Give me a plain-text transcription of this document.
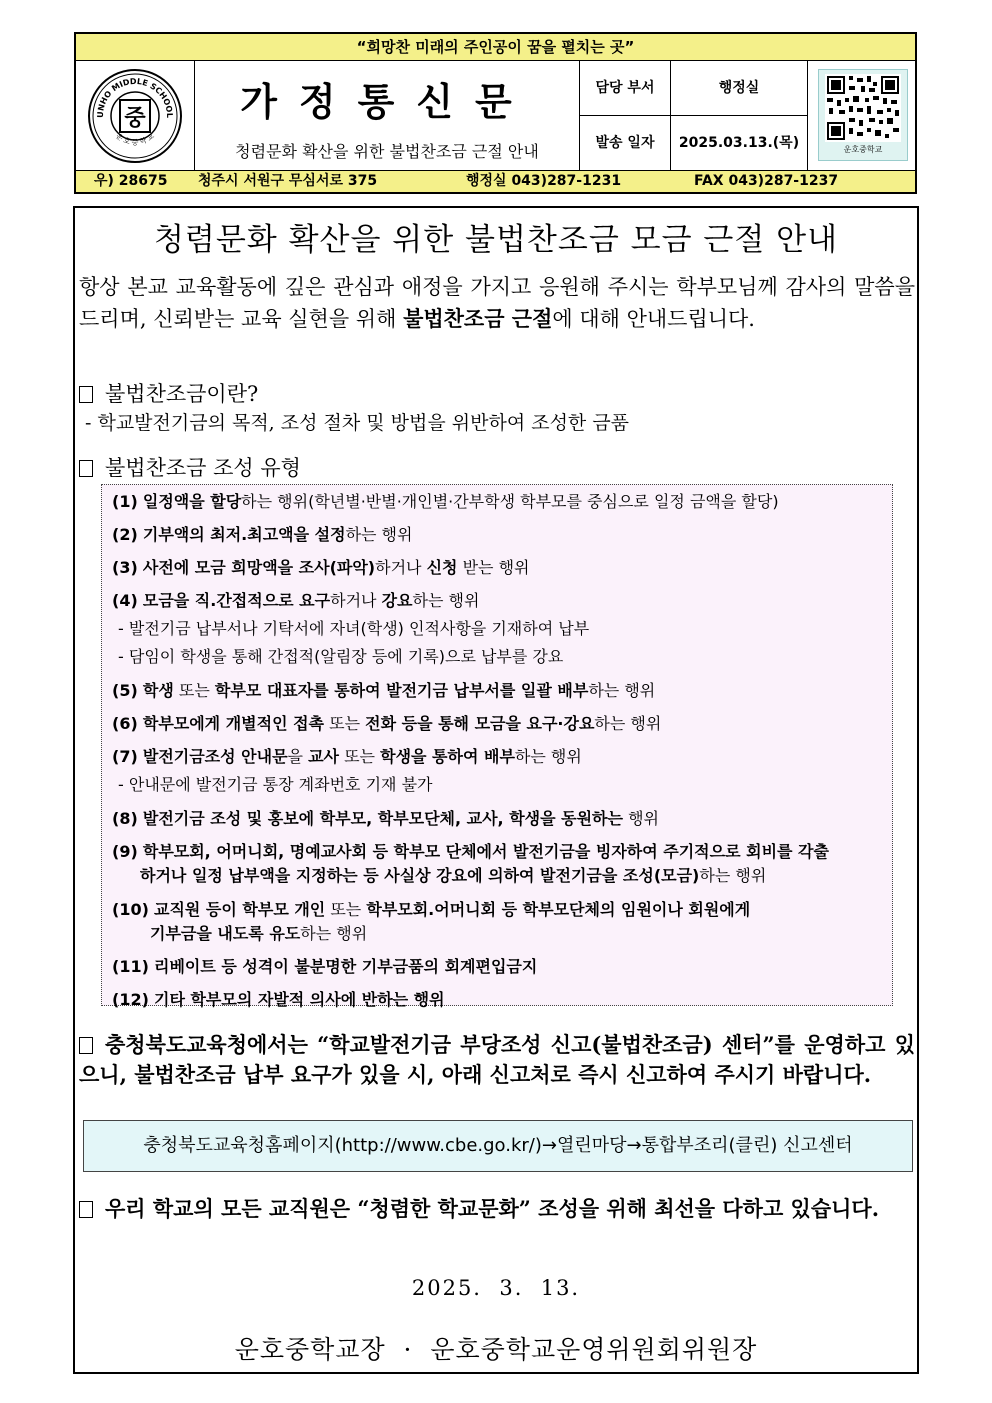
“희망찬 미래의 주인공이 꿈을 펼치는 곳”
UNHO MIDDLE SCHOOL
운 호 중 학 교
중	가정통신문
청렴문화 확산을 위한 불법찬조금 근절 안내
담당 부서	행정실
발송 일자	2025.03.13.(목)	운호중학교
우) 28675 청주시 서원구 무심서로 375	행정실 043)287-1231	FAX 043)287-1237
청렴문화 확산을 위한 불법찬조금 모금 근절 안내
항상 본교 교육활동에 깊은 관심과 애정을 가지고 응원해 주시는 학부모님께 감사의 말씀을 드리며, 신뢰받는 교육 실현을 위해 불법찬조금 근절에 대해 안내드립니다.
불법찬조금이란?
- 학교발전기금의 목적, 조성 절차 및 방법을 위반하여 조성한 금품
불법찬조금 조성 유형
(1) 일정액을 할당하는 행위(학년별·반별·개인별·간부학생 학부모를 중심으로 일정 금액을 할당)
(2) 기부액의 최저.최고액을 설정하는 행위
(3) 사전에 모금 희망액을 조사(파악)하거나 신청 받는 행위
(4) 모금을 직.간접적으로 요구하거나 강요하는 행위
- 발전기금 납부서나 기탁서에 자녀(학생) 인적사항을 기재하여 납부
- 담임이 학생을 통해 간접적(알림장 등에 기록)으로 납부를 강요
(5) 학생 또는 학부모 대표자를 통하여 발전기금 납부서를 일괄 배부하는 행위
(6) 학부모에게 개별적인 접촉 또는 전화 등을 통해 모금을 요구·강요하는 행위
(7) 발전기금조성 안내문을 교사 또는 학생을 통하여 배부하는 행위
- 안내문에 발전기금 통장 계좌번호 기재 불가
(8) 발전기금 조성 및 홍보에 학부모, 학부모단체, 교사, 학생을 동원하는 행위
(9) 학부모회, 어머니회, 명예교사회 등 학부모 단체에서 발전기금을 빙자하여 주기적으로 회비를 각출
하거나 일정 납부액을 지정하는 등 사실상 강요에 의하여 발전기금을 조성(모금)하는 행위
(10) 교직원 등이 학부모 개인 또는 학부모회.어머니회 등 학부모단체의 임원이나 회원에게
기부금을 내도록 유도하는 행위
(11) 리베이트 등 성격이 불분명한 기부금품의 회계편입금지
(12) 기타 학부모의 자발적 의사에 반하는 행위
충청북도교육청에서는 “학교발전기금 부당조성 신고(불법찬조금) 센터”를 운영하고 있으니, 불법찬조금 납부 요구가 있을 시, 아래 신고처로 즉시 신고하여 주시기 바랍니다.
충청북도교육청홈페이지(http://www.cbe.go.kr/)→열린마당→통합부조리(클린) 신고센터
우리 학교의 모든 교직원은 “청렴한 학교문화” 조성을 위해 최선을 다하고 있습니다.
2025.  3.  13.
운호중학교장  ·  운호중학교운영위원회위원장
